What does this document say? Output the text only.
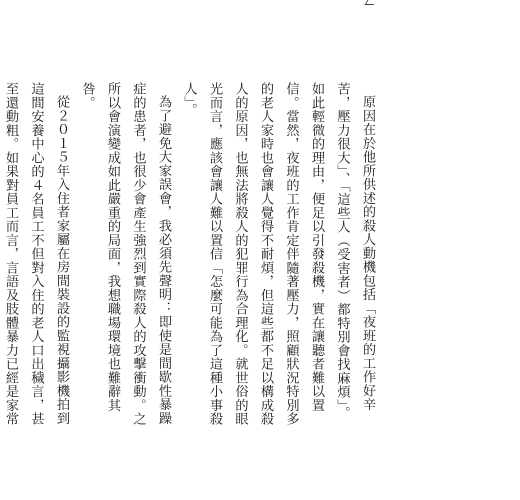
原因在於他所供述的殺人動機包括「夜班的工作好辛苦，壓力很大」、「這些人（受害者）都特別會找麻煩」。如此輕微的理由，便足以引發殺機，實在讓聽者難以置信。當然，夜班的工作肯定伴隨著壓力，照顧狀況特別多的老人家時也會讓人覺得不耐煩，但這些都不足以構成殺人的原因，也無法將殺人的犯罪行為合理化。就世俗的眼光而言，應該會讓人難以置信「怎麼可能為了這種小事殺人」。

為了避免大家誤會，我必須先聲明：即使是間歇性暴躁症的患者，也很少會產生強烈到實際殺人的攻擊衝動。之所以會演變成如此嚴重的局面，我想職場環境也難辭其咎。

從２０１５年入住者家屬在房間裝設的監視攝影機拍到這間安養中心的４名員工不但對入住的老人口出穢言，甚至還動粗。如果對員工而言，言語及肢體暴力已經是家常
